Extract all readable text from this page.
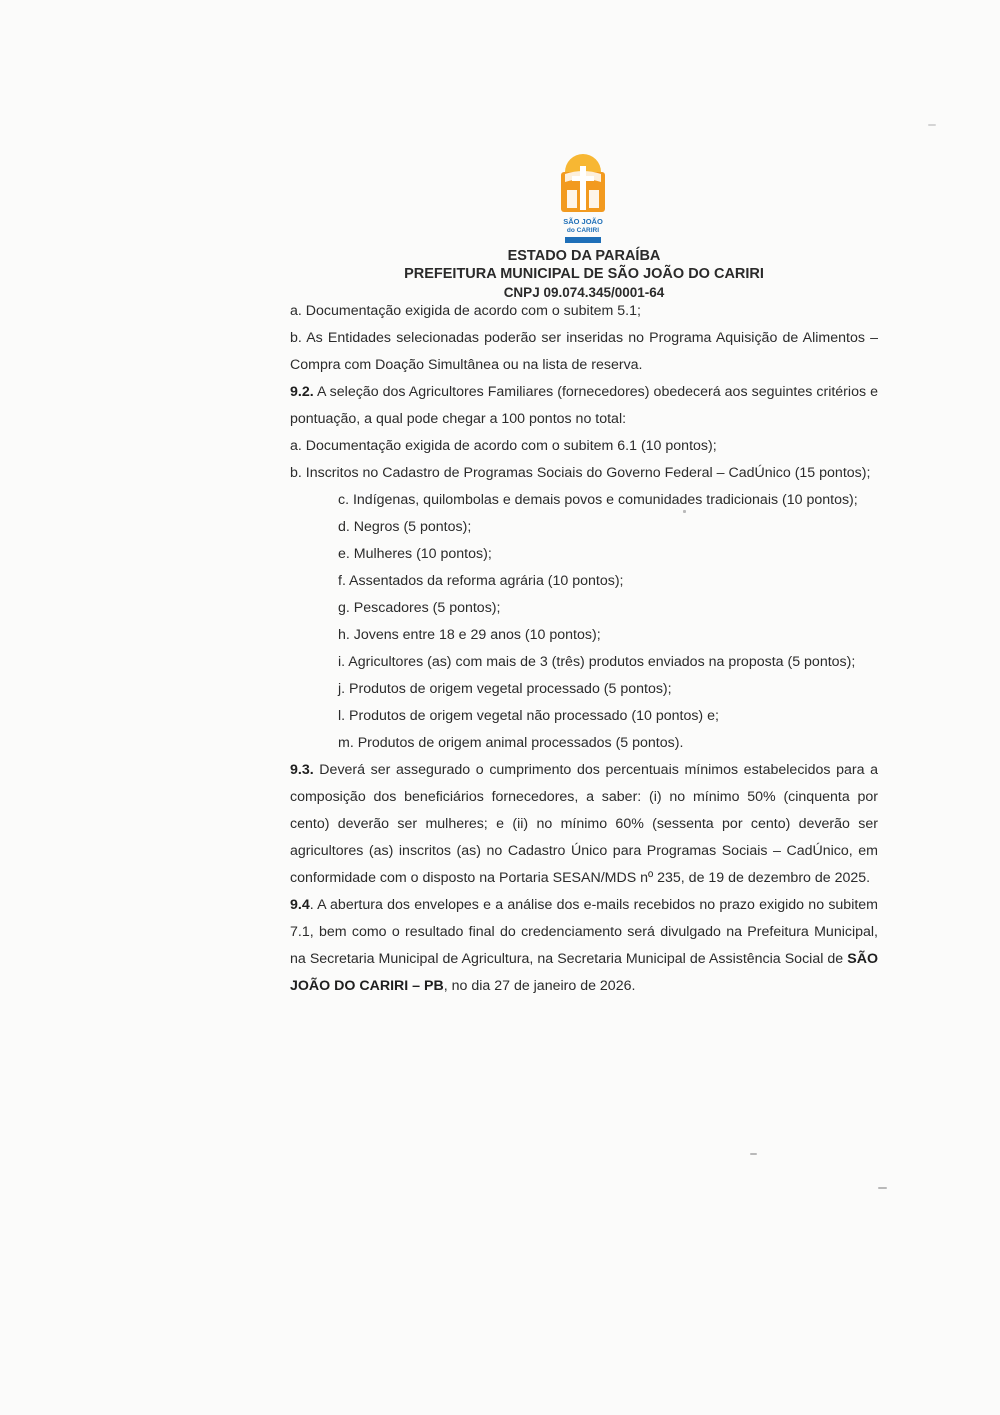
SÃO JOÃO
do CARIRI
ESTADO DA PARAÍBA
PREFEITURA MUNICIPAL DE SÃO JOÃO DO CARIRI
CNPJ 09.074.345/0001-64

a. Documentação exigida de acordo com o subitem 5.1;

b. As Entidades selecionadas poderão ser inseridas no Programa Aquisição de Alimentos – Compra com Doação Simultânea ou na lista de reserva.

9.2. A seleção dos Agricultores Familiares (fornecedores) obedecerá aos seguintes critérios e pontuação, a qual pode chegar a 100 pontos no total:

a. Documentação exigida de acordo com o subitem 6.1 (10 pontos);

b. Inscritos no Cadastro de Programas Sociais do Governo Federal – CadÚnico (15 pontos);

c. Indígenas, quilombolas e demais povos e comunidades tradicionais (10 pontos);

d. Negros (5 pontos);

e. Mulheres (10 pontos);

f. Assentados da reforma agrária (10 pontos);

g. Pescadores (5 pontos);

h. Jovens entre 18 e 29 anos (10 pontos);

i. Agricultores (as) com mais de 3 (três) produtos enviados na proposta (5 pontos);

j. Produtos de origem vegetal processado (5 pontos);

l. Produtos de origem vegetal não processado (10 pontos) e;

m. Produtos de origem animal processados (5 pontos).

9.3. Deverá ser assegurado o cumprimento dos percentuais mínimos estabelecidos para a composição dos beneficiários fornecedores, a saber: (i) no mínimo 50% (cinquenta por cento) deverão ser mulheres; e (ii) no mínimo 60% (sessenta por cento) deverão ser agricultores (as) inscritos (as) no Cadastro Único para Programas Sociais – CadÚnico, em conformidade com o disposto na Portaria SESAN/MDS nº 235, de 19 de dezembro de 2025.

9.4. A abertura dos envelopes e a análise dos e-mails recebidos no prazo exigido no subitem 7.1, bem como o resultado final do credenciamento será divulgado na Prefeitura Municipal, na Secretaria Municipal de Agricultura, na Secretaria Municipal de Assistência Social de SÃO JOÃO DO CARIRI – PB, no dia 27 de janeiro de 2026.
